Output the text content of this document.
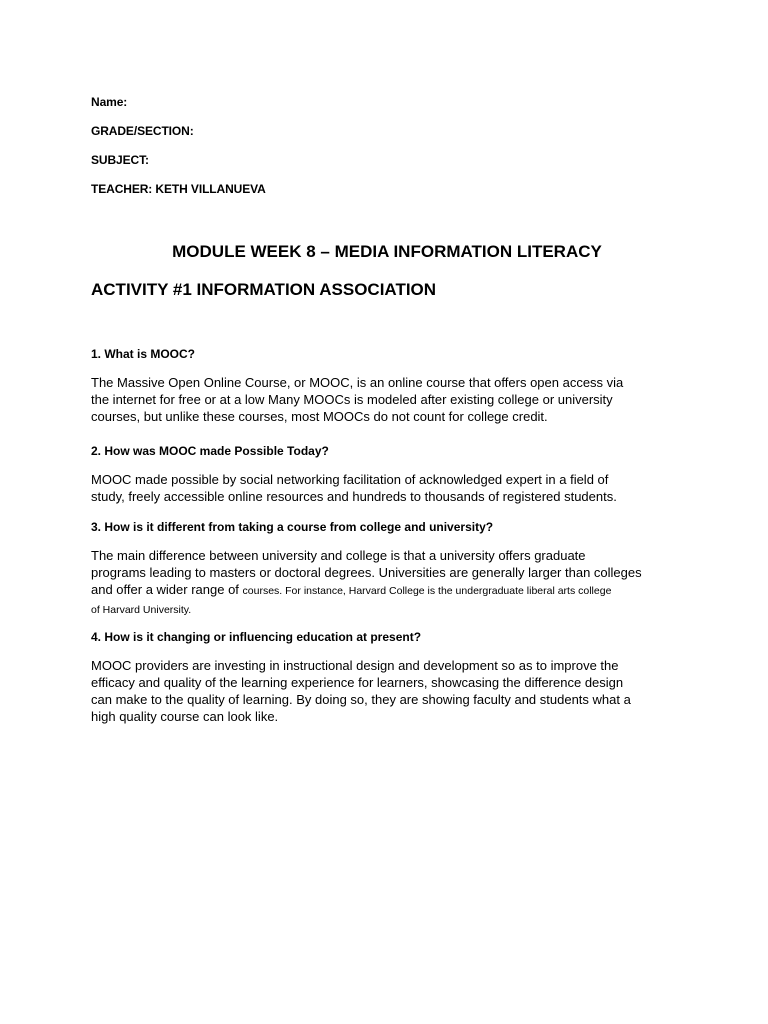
Name:
GRADE/SECTION:
SUBJECT:
TEACHER: KETH VILLANUEVA
MODULE WEEK 8 – MEDIA INFORMATION LITERACY
ACTIVITY #1 INFORMATION ASSOCIATION
1. What is MOOC?

The Massive Open Online Course, or MOOC, is an online course that offers open access via
the internet for free or at a low Many MOOCs is modeled after existing college or university
courses, but unlike these courses, most MOOCs do not count for college credit.

2. How was MOOC made Possible Today?

MOOC made possible by social networking facilitation of acknowledged expert in a field of
study, freely accessible online resources and hundreds to thousands of registered students.

3. How is it different from taking a course from college and university?

The main difference between university and college is that a university offers graduate
programs leading to masters or doctoral degrees. Universities are generally larger than colleges
and offer a wider range of courses. For instance, Harvard College is the undergraduate liberal arts college
of Harvard University.

4. How is it changing or influencing education at present?

MOOC providers are investing in instructional design and development so as to improve the
efficacy and quality of the learning experience for learners, showcasing the difference design
can make to the quality of learning. By doing so, they are showing faculty and students what a
high quality course can look like.
